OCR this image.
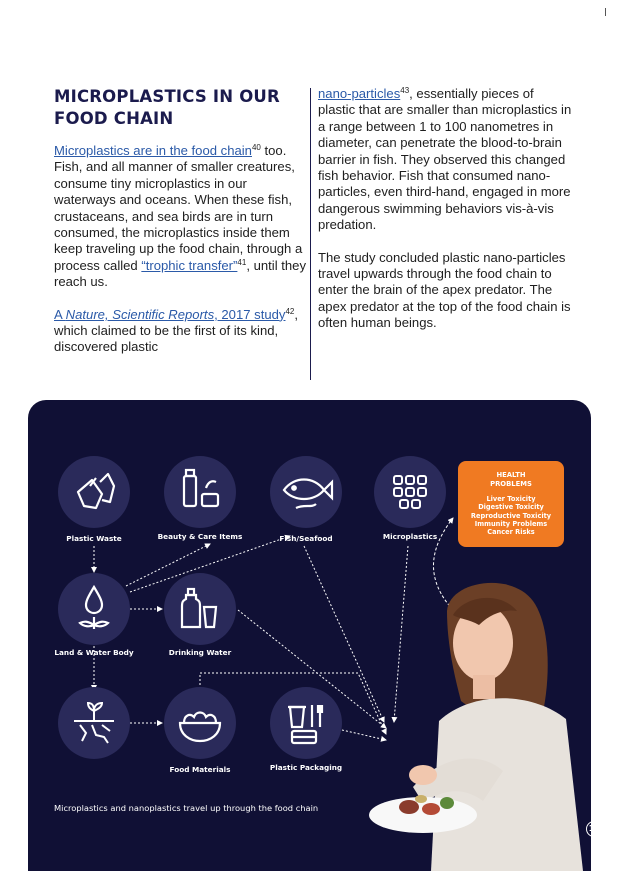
MICROPLASTICS IN OUR FOOD CHAIN

Microplastics are in the food chain$^{40}$ too. Fish, and all manner of smaller creatures, consume tiny microplastics in our waterways and oceans. When these fish, crustaceans, and sea birds are in turn consumed, the microplastics inside them keep traveling up the food chain, through a process called “trophic transfer”$^{41}$, until they reach us.

A Nature, Scientific Reports, 2017 study$^{42}$, which claimed to be the first of its kind, discovered plastic

nano-particles$^{43}$, essentially pieces of plastic that are smaller than microplastics in a range between 1 to 100 nanometres in diameter, can penetrate the blood-to-brain barrier in fish. They observed this changed fish behavior. Fish that consumed nano-particles, even third-hand, engaged in more dangerous swimming behaviors vis-à-vis predation.

The study concluded plastic nano-particles travel upwards through the food chain to enter the brain of the apex predator. The apex predator at the top of the food chain is often human beings.

Plastic Waste	Beauty & Care Items	Fish/Seafood	Microplastics
Land & Water Body	Drinking Water
Food Materials	Plastic Packaging
HEALTH
PROBLEMS
Liver Toxicity
Digestive Toxicity
Reproductive Toxicity
Immunity Problems
Cancer Risks
Microplastics and nanoplastics travel up through the food chain
10
